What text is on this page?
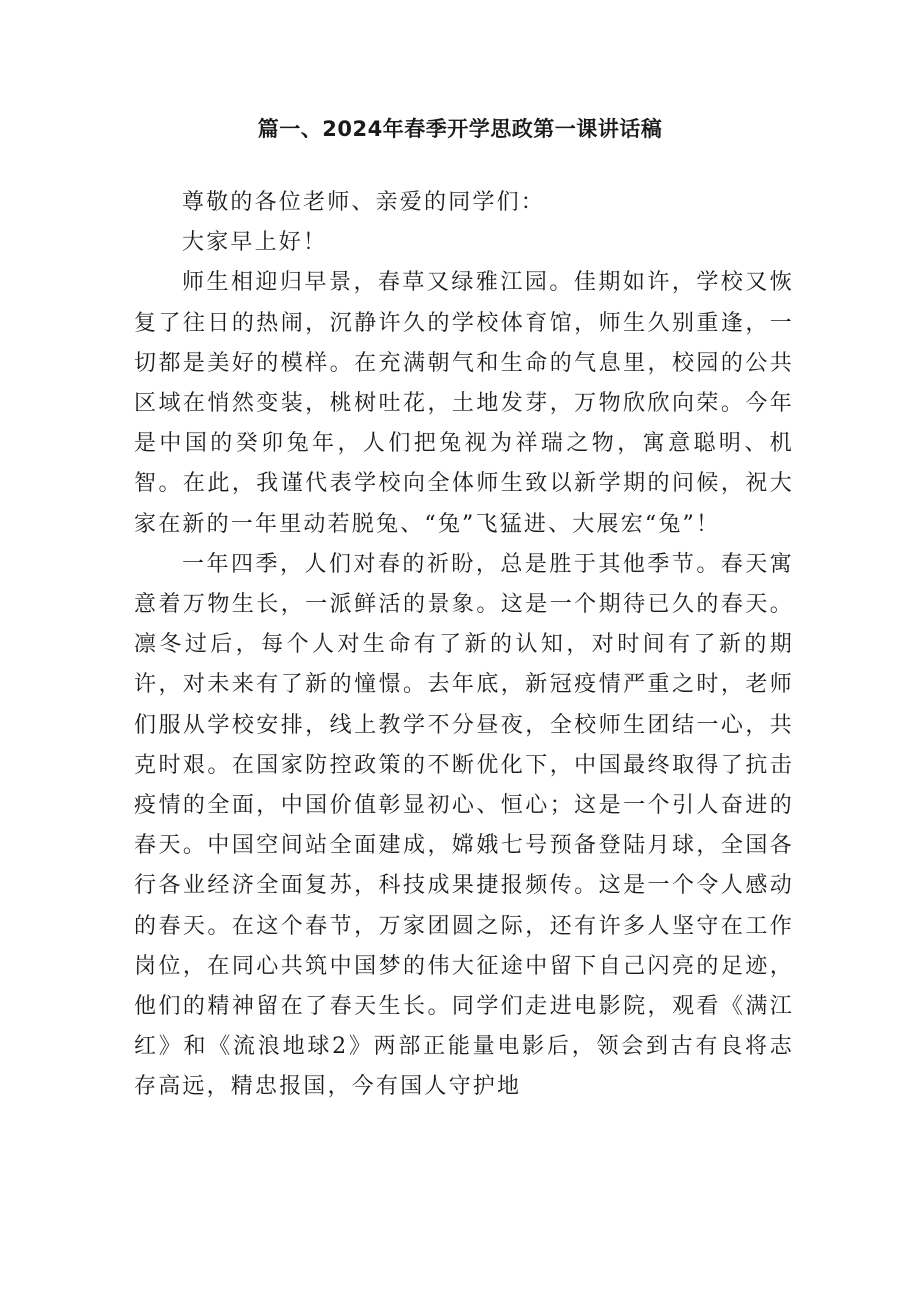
篇一、2024年春季开学思政第一课讲话稿

尊敬的各位老师、亲爱的同学们：

大家早上好！

师生相迎归早景，春草又绿雅江园。佳期如许，学校又恢复了往日的热闹，沉静许久的学校体育馆，师生久别重逢，一切都是美好的模样。在充满朝气和生命的气息里，校园的公共区域在悄然变装，桃树吐花，土地发芽，万物欣欣向荣。今年是中国的癸卯兔年，人们把兔视为祥瑞之物，寓意聪明、机智。在此，我谨代表学校向全体师生致以新学期的问候，祝大家在新的一年里动若脱兔、“兔”飞猛进、大展宏“兔”！

一年四季，人们对春的祈盼，总是胜于其他季节。春天寓意着万物生长，一派鲜活的景象。这是一个期待已久的春天。凛冬过后，每个人对生命有了新的认知，对时间有了新的期许，对未来有了新的憧憬。去年底，新冠疫情严重之时，老师们服从学校安排，线上教学不分昼夜，全校师生团结一心，共克时艰。在国家防控政策的不断优化下，中国最终取得了抗击疫情的全面，中国价值彰显初心、恒心；这是一个引人奋进的春天。中国空间站全面建成，嫦娥七号预备登陆月球，全国各行各业经济全面复苏，科技成果捷报频传。这是一个令人感动的春天。在这个春节，万家团圆之际，还有许多人坚守在工作岗位，在同心共筑中国梦的伟大征途中留下自己闪亮的足迹，他们的精神留在了春天生长。同学们走进电影院，观看《满江红》和《流浪地球2》两部正能量电影后，领会到古有良将志存高远，精忠报国，今有国人守护地
